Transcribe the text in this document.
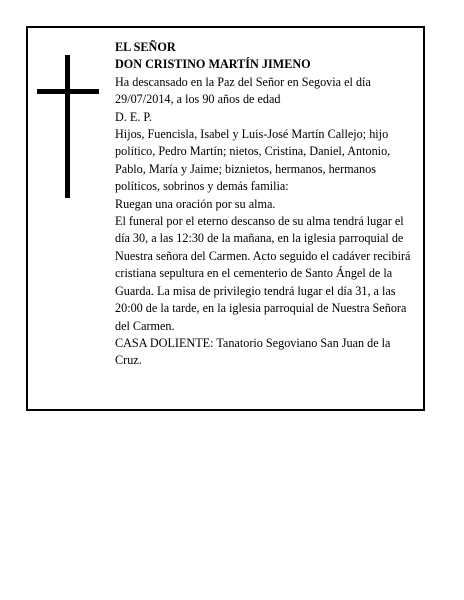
EL SEÑOR

DON CRISTINO MARTÍN JIMENO

Ha descansado en la Paz del Señor en Segovia el día 29/07/2014, a los 90 años de edad

D. E. P.

Hijos, Fuencisla, Isabel y Luis-José Martín Callejo; hijo político, Pedro Martín; nietos, Cristina, Daniel, Antonio, Pablo, María y Jaime; biznietos, hermanos, hermanos políticos, sobrinos y demás familia:

Ruegan una oración por su alma.

El funeral por el eterno descanso de su alma tendrá lugar el día 30, a las 12:30 de la mañana, en la iglesia parroquial de Nuestra señora del Carmen. Acto seguido el cadáver recibirá cristiana sepultura en el cementerio de Santo Ángel de la Guarda. La misa de privilegio tendrá lugar el día 31, a las 20:00 de la tarde, en la iglesia parroquial de Nuestra Señora del Carmen.

CASA DOLIENTE: Tanatorio Segoviano San Juan de la Cruz.
